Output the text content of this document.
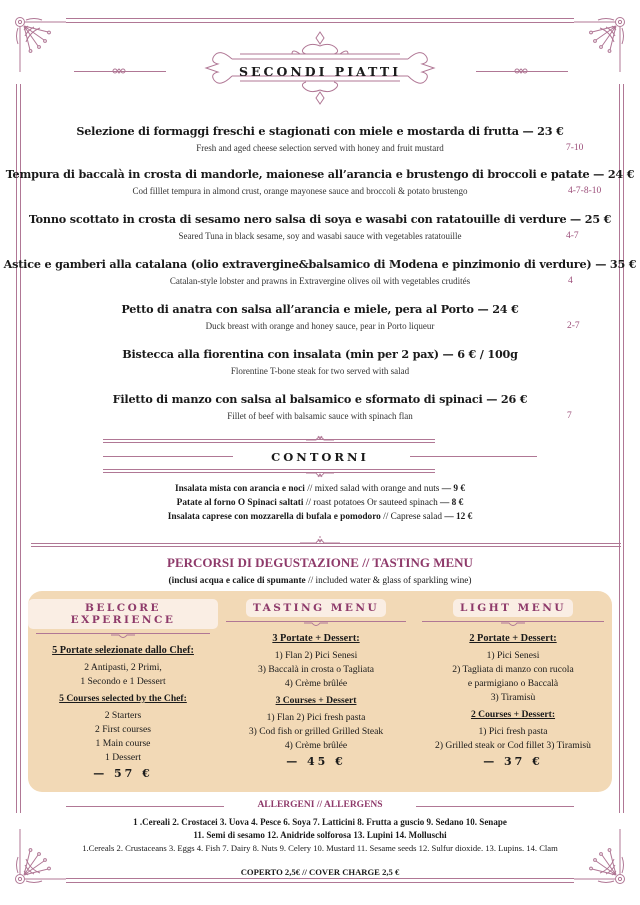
SECONDI PIATTI
Selezione di formaggi freschi e stagionati con miele e mostarda di frutta — 23 €
Fresh and aged cheese selection served with honey and fruit mustard	7-10
Tempura di baccalà in crosta di mandorle, maionese all’arancia e brustengo di broccoli e patate — 24 €
Cod filllet tempura in almond crust, orange mayonese sauce and broccoli & potato brustengo	4-7-8-10
Tonno scottato in crosta di sesamo nero salsa di soya e wasabi con ratatouille di verdure — 25 €
Seared Tuna in black sesame, soy and wasabi sauce with vegetables ratatouille	4-7
Astice e gamberi alla catalana (olio extravergine&balsamico di Modena e pinzimonio di verdure) — 35 €
Catalan-style lobster and prawns in Extravergine olives oil with vegetables crudités	4
Petto di anatra con salsa all’arancia e miele, pera al Porto — 24 €
Duck breast with orange and honey sauce, pear in Porto liqueur	2-7
Bistecca alla fiorentina con insalata (min per 2 pax) — 6 € / 100g
Florentine T-bone steak for two served with salad
Filetto di manzo con salsa al balsamico e sformato di spinaci — 26 €
Fillet of beef with balsamic sauce with spinach flan	7
CONTORNI
Insalata mista con arancia e noci // mixed salad with orange and nuts — 9 €
Patate al forno O Spinaci saltati // roast potatoes Or sauteed spinach — 8 €
Insalata caprese con mozzarella di bufala e pomodoro // Caprese salad — 12 €
PERCORSI DI DEGUSTAZIONE // TASTING MENU
(inclusi acqua e calice di spumante // included water & glass of sparkling wine)
BELCORE EXPERIENCE
5 Portate selezionate dallo Chef:
2 Antipasti, 2 Primi,
1 Secondo e 1 Dessert
5 Courses selected by the Chef:
2 Starters
2 First courses
1 Main course
1 Dessert
— 57 €
TASTING MENU
3 Portate + Dessert:
1) Flan 2) Pici Senesi
3) Baccalà in crosta o Tagliata
4) Crème brûlée
3 Courses + Dessert
1) Flan 2) Pici fresh pasta
3) Cod fish or grilled Grilled Steak
4) Crème brûlée
— 45 €
LIGHT MENU
2 Portate + Dessert:
1) Pici Senesi
2) Tagliata di manzo con rucola
e parmigiano o Baccalà
3) Tiramisù
2 Courses + Dessert:
1) Pici fresh pasta
2) Grilled steak or Cod fillet 3) Tiramisù
— 37 €
ALLERGENI // ALLERGENS
1 .Cereali 2. Crostacei 3. Uova 4. Pesce 6. Soya 7. Latticini 8. Frutta a guscio 9. Sedano 10. Senape
11. Semi di sesamo 12. Anidride solforosa 13. Lupini 14. Molluschi
1.Cereals 2. Crustaceans 3. Eggs 4. Fish 7. Dairy 8. Nuts 9. Celery 10. Mustard 11. Sesame seeds 12. Sulfur dioxide. 13. Lupins. 14. Clam
COPERTO 2,5€ // COVER CHARGE 2,5 €
